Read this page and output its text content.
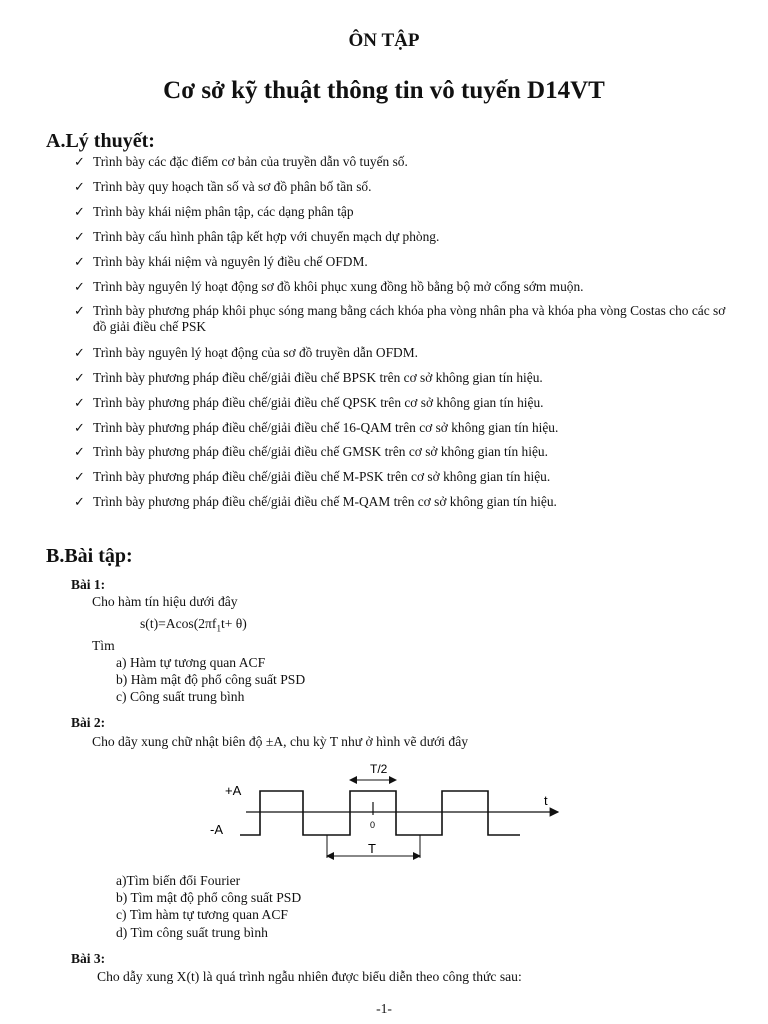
ÔN TẬP
Cơ sở kỹ thuật thông tin vô tuyến D14VT
A.Lý thuyết:
✓ Trình bày các đặc điểm cơ bản của truyền dẫn vô tuyến số.
✓ Trình bày quy hoạch tần số và sơ đồ phân bố tần số.
✓ Trình bày khái niệm phân tập, các dạng phân tập
✓ Trình bày cấu hình phân tập kết hợp với chuyển mạch dự phòng.
✓ Trình bày khái niệm và nguyên lý điều chế OFDM.
✓ Trình bày nguyên lý hoạt động sơ đồ khôi phục xung đồng hồ bằng bộ mở cổng sớm muộn.
✓ Trình bày phương pháp khôi phục sóng mang bằng cách khóa pha vòng nhân pha và khóa pha vòng Costas cho các sơ đồ giải điều chế PSK
✓ Trình bày nguyên lý hoạt động của sơ đồ truyền dẫn OFDM.
✓ Trình bày phương pháp điều chế/giải điều chế BPSK trên cơ sở không gian tín hiệu.
✓ Trình bày phương pháp điều chế/giải điều chế QPSK trên cơ sở không gian tín hiệu.
✓ Trình bày phương pháp điều chế/giải điều chế 16-QAM trên cơ sở không gian tín hiệu.
✓ Trình bày phương pháp điều chế/giải điều chế GMSK trên cơ sở không gian tín hiệu.
✓ Trình bày phương pháp điều chế/giải điều chế M-PSK trên cơ sở không gian tín hiệu.
✓ Trình bày phương pháp điều chế/giải điều chế M-QAM trên cơ sở không gian tín hiệu.
B.Bài tập:
Bài 1:
Cho hàm tín hiệu dưới đây
$s(t)=Acos(2\pi f_1t+ \theta)$
Tìm
a) Hàm tự tương quan ACF
b) Hàm mật độ phổ công suất PSD
c) Công suất trung bình
Bài 2:
Cho dãy xung chữ nhật biên độ ±A, chu kỳ T như ở hình vẽ dưới đây
+A
-A
T/2
T
0
t
a)Tìm biến đổi Fourier
b) Tìm mật độ phổ công suất PSD
c) Tìm hàm tự tương quan ACF
d) Tìm công suất trung bình
Bài 3:
Cho dẫy xung X(t) là quá trình ngẫu nhiên được biểu diễn theo công thức sau:
-1-
